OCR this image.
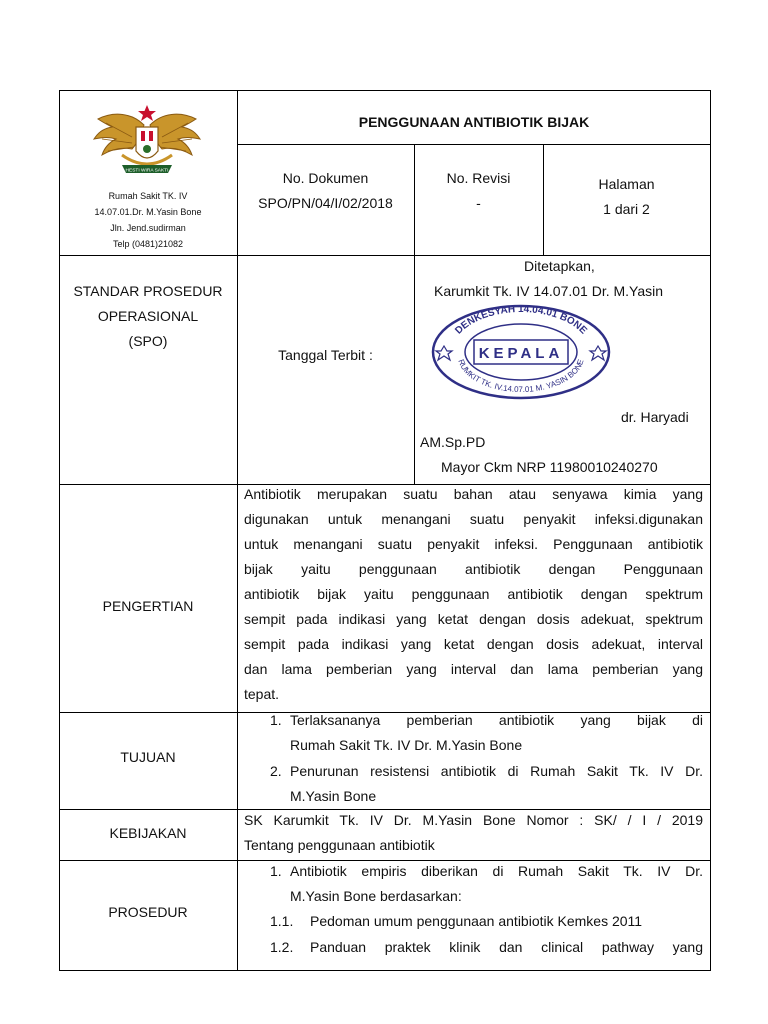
HESTI WIRA SAKTI
Rumah Sakit TK. IV
14.07.01.Dr. M.Yasin Bone
Jln. Jend.sudirman
Telp (0481)21082
PENGGUNAAN ANTIBIOTIK BIJAK
No. Dokumen
SPO/PN/04/I/02/2018
No. Revisi
-
Halaman
1 dari 2
STANDAR PROSEDUR
OPERASIONAL
(SPO)
Tanggal Terbit :
Ditetapkan,
Karumkit Tk. IV 14.07.01 Dr. M.Yasin
DENKESYAH 14.04.01 BONE
RUMKIT TK. IV.14.07.01 M. YASIN BONE
KEPALA
dr. Haryadi
AM.Sp.PD
Mayor Ckm NRP 11980010240270
PENGERTIAN
Antibiotik merupakan suatu bahan atau senyawa kimia yang
digunakan untuk menangani suatu penyakit infeksi.digunakan
untuk menangani suatu penyakit infeksi. Penggunaan antibiotik
bijak yaitu penggunaan antibiotik dengan Penggunaan
antibiotik bijak yaitu penggunaan antibiotik dengan spektrum
sempit pada indikasi yang ketat dengan dosis adekuat, spektrum
sempit pada indikasi yang ketat dengan dosis adekuat, interval
dan lama pemberian yang interval dan lama pemberian yang
tepat.
TUJUAN
1. Terlaksananya pemberian antibiotik yang bijak di
Rumah Sakit Tk. IV Dr. M.Yasin Bone
2. Penurunan resistensi antibiotik di Rumah Sakit Tk. IV Dr.
M.Yasin Bone
KEBIJAKAN
SK Karumkit Tk. IV Dr. M.Yasin Bone Nomor : SK/ / I / 2019
Tentang penggunaan antibiotik
PROSEDUR
1. Antibiotik empiris diberikan di Rumah Sakit Tk. IV Dr.
M.Yasin Bone berdasarkan:
1.1. Pedoman umum penggunaan antibiotik Kemkes 2011
1.2. Panduan praktek klinik dan clinical pathway yang
